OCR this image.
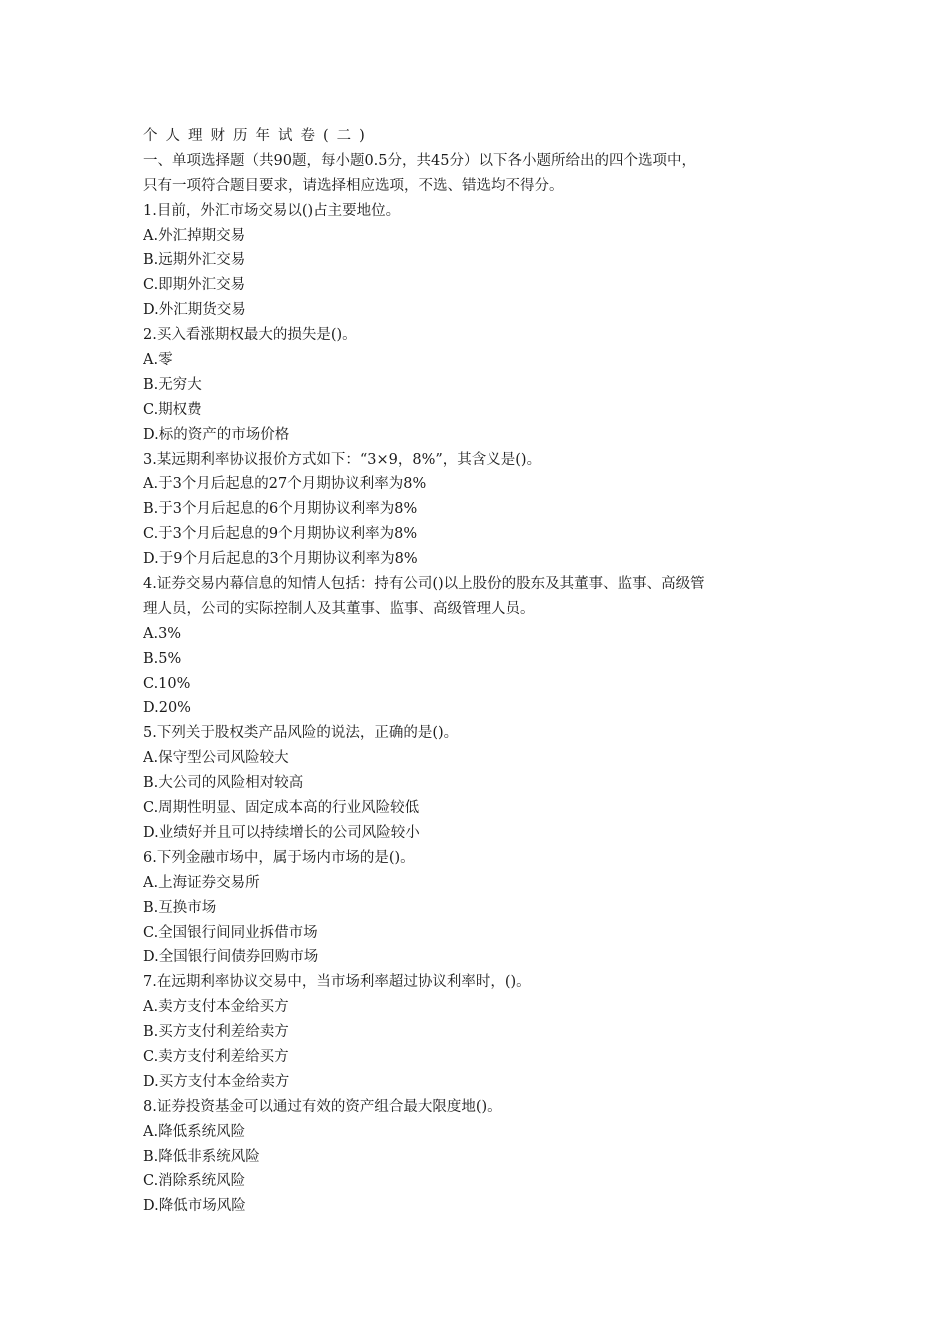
个人理财历年试卷(二)
一、单项选择题（共90题，每小题0.5分，共45分）以下各小题所给出的四个选项中，
只有一项符合题目要求，请选择相应选项，不选、错选均不得分。
1.目前，外汇市场交易以()占主要地位。
A.外汇掉期交易
B.远期外汇交易
C.即期外汇交易
D.外汇期货交易
2.买入看涨期权最大的损失是()。
A.零
B.无穷大
C.期权费
D.标的资产的市场价格
3.某远期利率协议报价方式如下：“3×9，8%”，其含义是()。
A.于3个月后起息的27个月期协议利率为8%
B.于3个月后起息的6个月期协议利率为8%
C.于3个月后起息的9个月期协议利率为8%
D.于9个月后起息的3个月期协议利率为8%
4.证券交易内幕信息的知情人包括：持有公司()以上股份的股东及其董事、监事、高级管
理人员，公司的实际控制人及其董事、监事、高级管理人员。
A.3%
B.5%
C.10%
D.20%
5.下列关于股权类产品风险的说法，正确的是()。
A.保守型公司风险较大
B.大公司的风险相对较高
C.周期性明显、固定成本高的行业风险较低
D.业绩好并且可以持续增长的公司风险较小
6.下列金融市场中，属于场内市场的是()。
A.上海证券交易所
B.互换市场
C.全国银行间同业拆借市场
D.全国银行间债券回购市场
7.在远期利率协议交易中，当市场利率超过协议利率时，()。
A.卖方支付本金给买方
B.买方支付利差给卖方
C.卖方支付利差给买方
D.买方支付本金给卖方
8.证券投资基金可以通过有效的资产组合最大限度地()。
A.降低系统风险
B.降低非系统风险
C.消除系统风险
D.降低市场风险
